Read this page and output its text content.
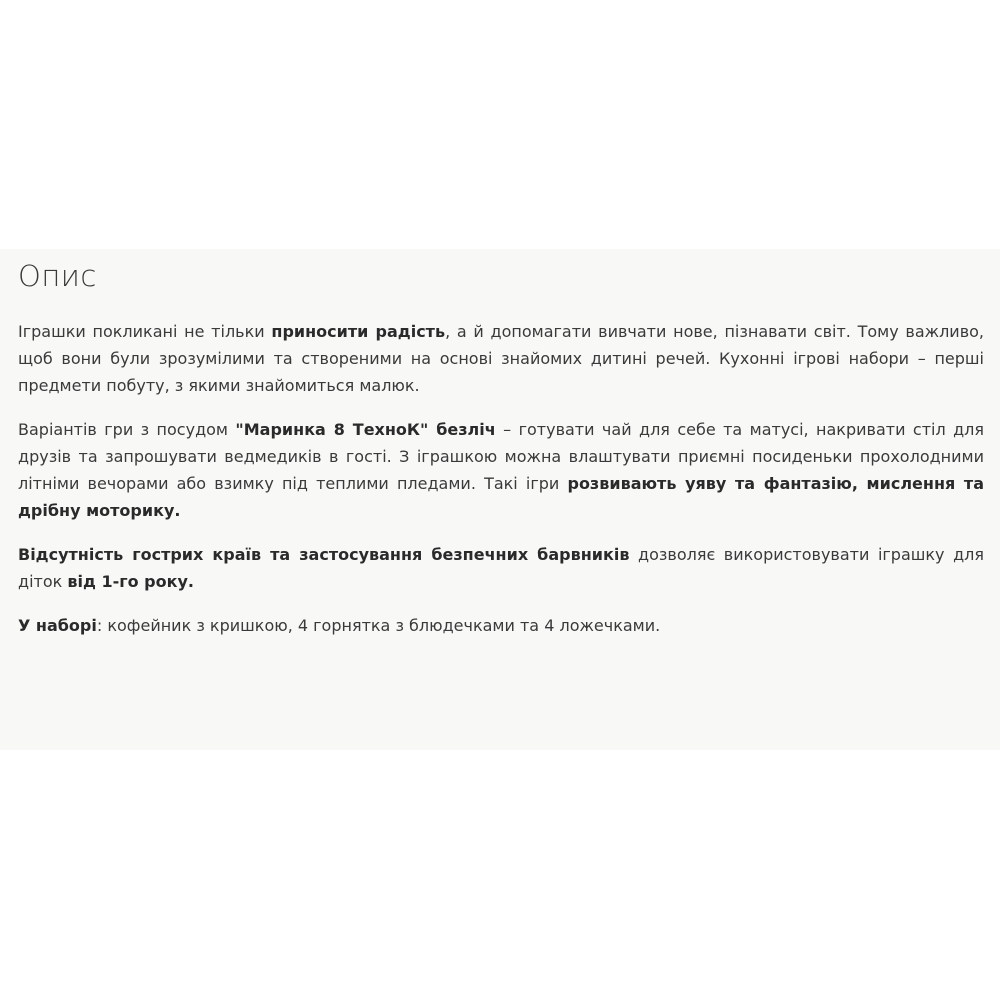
Опис

Іграшки покликані не тільки приносити радість, а й допомагати вивчати нове, пізнавати світ. Тому важливо, щоб вони були зрозумілими та створеними на основі знайомих дитині речей. Кухонні ігрові набори – перші предмети побуту, з якими знайомиться малюк.

Варіантів гри з посудом "Маринка 8 ТехноК" безліч – готувати чай для себе та матусі, накривати стіл для друзів та запрошувати ведмедиків в гості. З іграшкою можна влаштувати приємні посиденьки прохолодними літніми вечорами або взимку під теплими пледами. Такі ігри розвивають уяву та фантазію, мислення та дрібну моторику.

Відсутність гострих країв та застосування безпечних барвників дозволяє використовувати іграшку для діток від 1-го року.

У наборі: кофейник з кришкою, 4 горнятка з блюдечками та 4 ложечками.
